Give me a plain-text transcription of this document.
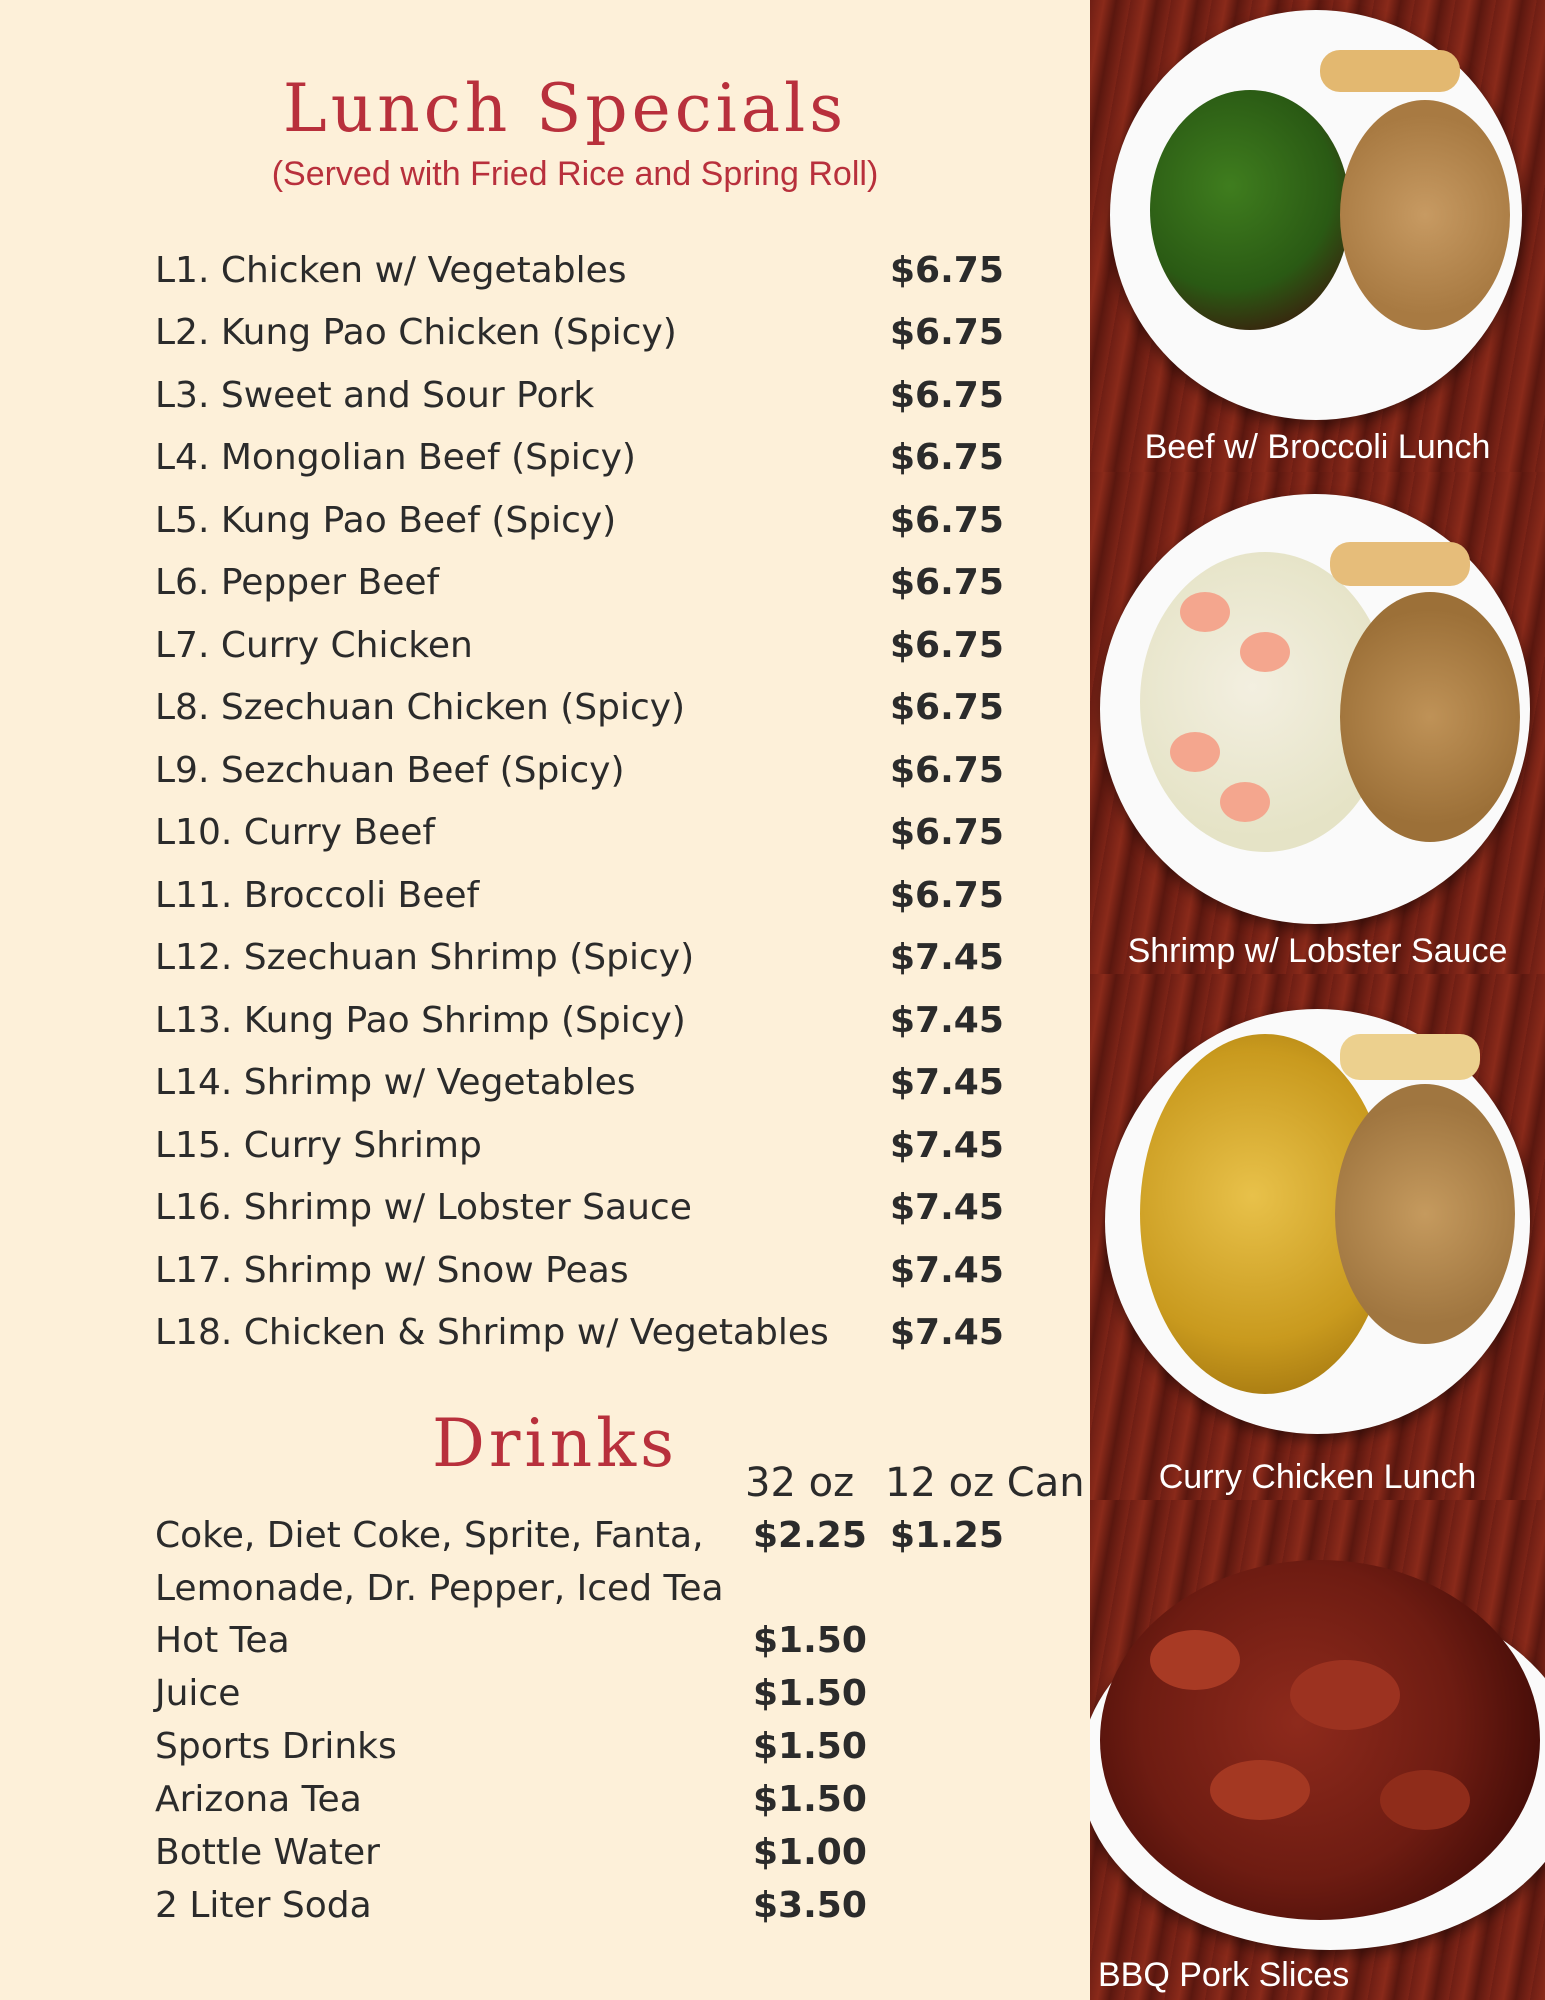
Lunch Specials
(Served with Fried Rice and Spring Roll)
L1. Chicken w/ Vegetables	$6.75
L2. Kung Pao Chicken (Spicy)	$6.75
L3. Sweet and Sour Pork	$6.75
L4. Mongolian Beef (Spicy)	$6.75
L5. Kung Pao Beef (Spicy)	$6.75
L6. Pepper Beef	$6.75
L7. Curry Chicken	$6.75
L8. Szechuan Chicken (Spicy)	$6.75
L9. Sezchuan Beef (Spicy)	$6.75
L10. Curry Beef	$6.75
L11. Broccoli Beef	$6.75
L12. Szechuan Shrimp (Spicy)	$7.45
L13. Kung Pao Shrimp (Spicy)	$7.45
L14. Shrimp w/ Vegetables	$7.45
L15. Curry Shrimp	$7.45
L16. Shrimp w/ Lobster Sauce	$7.45
L17. Shrimp w/ Snow Peas	$7.45
L18. Chicken & Shrimp w/ Vegetables $7.45
Drinks
32 oz 12 oz Can
Coke, Diet Coke, Sprite, Fanta,
Lemonade, Dr. Pepper, Iced Tea
$2.25 $1.25
Hot Tea	$1.50
Juice	$1.50
Sports Drinks	$1.50
Arizona Tea	$1.50
Bottle Water	$1.00
2 Liter Soda	$3.50
Beef w/ Broccoli Lunch
Shrimp w/ Lobster Sauce
Curry Chicken Lunch
BBQ Pork Slices
